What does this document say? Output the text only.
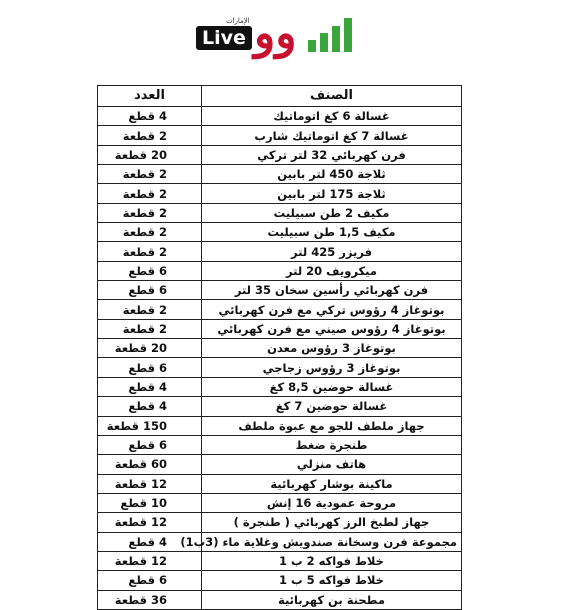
الإمارات
Live وو
العدد	الصنف
4 قطع	غسالة 6 كغ اتوماتيك
2 قطعة	غسالة 7 كغ اتوماتيك شارب
20 قطعة	فرن كهربائي 32 لتر تركي
2 قطعة	ثلاجة 450 لتر بابين
2 قطعة	ثلاجة 175 لتر بابين
2 قطعة	مكيف 2 طن سبيليت
2 قطعة	مكيف 1,5 طن سبيليت
2 قطعة	فريزر 425 لتر
6 قطع	ميكرويف 20 لتر
6 قطع	فرن كهربائي رأسين سخان 35 لتر
2 قطعة	بوتوغاز 4 رؤوس تركي مع فرن كهربائي
2 قطعة	بوتوغاز 4 رؤوس صيني مع فرن كهربائي
20 قطعة	بوتوغاز 3 رؤوس معدن
6 قطع	بوتوغاز 3 رؤوس زجاجي
4 قطع	غسالة حوضين 8,5 كغ
4 قطع	غسالة حوضين 7 كغ
150 قطعة	جهاز ملطف للجو مع عبوة ملطف
6 قطع	طنجرة ضغط
60 قطعة	هاتف منزلي
12 قطعة	ماكينة بوشار كهربائية
10 قطع	مروحة عمودية 16 إنش
12 قطعة	جهاز لطبخ الرز كهربائي ( طنجرة )
4 قطع	مجموعة فرن وسخانة صندويش وغلاية ماء (3ب1)
12 قطعة	خلاط فواكه 2 ب 1
6 قطع	خلاط فواكه 5 ب 1
36 قطعة	مطحنة بن كهربائية
